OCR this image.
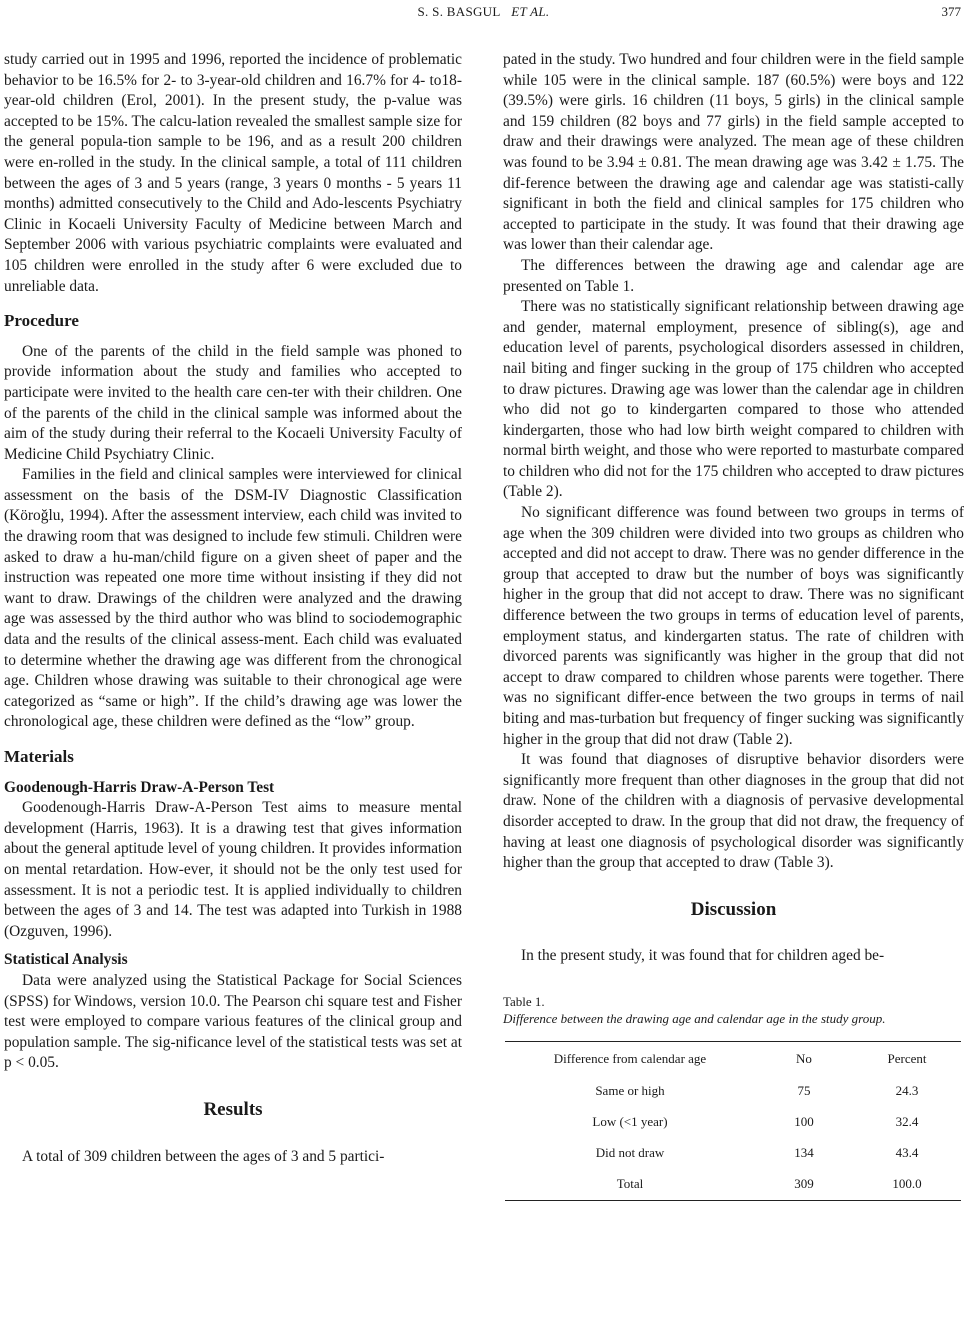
S. S. BASGUL ET AL.	377

study carried out in 1995 and 1996, reported the incidence of problematic behavior to be 16.5% for 2- to 3-year-old children and 16.7% for 4- to18-year-old children (Erol, 2001). In the present study, the p-value was accepted to be 15%. The calcu-lation revealed the smallest sample size for the general popula-tion sample to be 196, and as a result 200 children were en-rolled in the study. In the clinical sample, a total of 111 children between the ages of 3 and 5 years (range, 3 years 0 months - 5 years 11 months) admitted consecutively to the Child and Ado-lescents Psychiatry Clinic in Kocaeli University Faculty of Medicine between March and September 2006 with various psychiatric complaints were evaluated and 105 children were enrolled in the study after 6 were excluded due to unreliable data.

Procedure

One of the parents of the child in the field sample was phoned to provide information about the study and families who accepted to participate were invited to the health care cen-ter with their children. One of the parents of the child in the clinical sample was informed about the aim of the study during their referral to the Kocaeli University Faculty of Medicine Child Psychiatry Clinic.

Families in the field and clinical samples were interviewed for clinical assessment on the basis of the DSM-IV Diagnostic Classification (Köroğlu, 1994). After the assessment interview, each child was invited to the drawing room that was designed to include few stimuli. Children were asked to draw a hu-man/child figure on a given sheet of paper and the instruction was repeated one more time without insisting if they did not want to draw. Drawings of the children were analyzed and the drawing age was assessed by the third author who was blind to sociodemographic data and the results of the clinical assess-ment. Each child was evaluated to determine whether the drawing age was different from the chronogical age. Children whose drawing was suitable to their chronogical age were categorized as “same or high”. If the child’s drawing age was lower the chronological age, these children were defined as the “low” group.

Materials
Goodenough-Harris Draw-A-Person Test

Goodenough-Harris Draw-A-Person Test aims to measure mental development (Harris, 1963). It is a drawing test that gives information about the general aptitude level of young children. It provides information on mental retardation. How-ever, it should not be the only test used for assessment. It is not a periodic test. It is applied individually to children between the ages of 3 and 14. The test was adapted into Turkish in 1988 (Ozguven, 1996).

Statistical Analysis

Data were analyzed using the Statistical Package for Social Sciences (SPSS) for Windows, version 10.0. The Pearson chi square test and Fisher test were employed to compare various features of the clinical group and population sample. The sig-nificance level of the statistical tests was set at p < 0.05.

Results

A total of 309 children between the ages of 3 and 5 partici-

pated in the study. Two hundred and four children were in the field sample while 105 were in the clinical sample. 187 (60.5%) were boys and 122 (39.5%) were girls. 16 children (11 boys, 5 girls) in the clinical sample and 159 children (82 boys and 77 girls) in the field sample accepted to draw and their drawings were analyzed. The mean age of these children was found to be 3.94 ± 0.81. The mean drawing age was 3.42 ± 1.75. The dif-ference between the drawing age and calendar age was statisti-cally significant in both the field and clinical samples for 175 children who accepted to participate in the study. It was found that their drawing age was lower than their calendar age.

The differences between the drawing age and calendar age are presented on Table 1.

There was no statistically significant relationship between drawing age and gender, maternal employment, presence of sibling(s), age and education level of parents, psychological disorders assessed in children, nail biting and finger sucking in the group of 175 children who accepted to draw pictures. Drawing age was lower than the calendar age in children who did not go to kindergarten compared to those who attended kindergarten, those who had low birth weight compared to children with normal birth weight, and those who were reported to masturbate compared to children who did not for the 175 children who accepted to draw pictures (Table 2).

No significant difference was found between two groups in terms of age when the 309 children were divided into two groups as children who accepted and did not accept to draw. There was no gender difference in the group that accepted to draw but the number of boys was significantly higher in the group that did not accept to draw. There was no significant difference between the two groups in terms of education level of parents, employment status, and kindergarten status. The rate of children with divorced parents was significantly was higher in the group that did not accept to draw compared to children whose parents were together. There was no significant differ-ence between the two groups in terms of nail biting and mas-turbation but frequency of finger sucking was significantly higher in the group that did not draw (Table 2).

It was found that diagnoses of disruptive behavior disorders were significantly more frequent than other diagnoses in the group that did not draw. None of the children with a diagnosis of pervasive developmental disorder accepted to draw. In the group that did not draw, the frequency of having at least one diagnosis of psychological disorder was significantly higher than the group that accepted to draw (Table 3).

Discussion

In the present study, it was found that for children aged be-

Table 1.
Difference between the drawing age and calendar age in the study group.
Difference from calendar age	No	Percent
Same or high	75	24.3
Low (<1 year)	100	32.4
Did not draw	134	43.4
Total	309	100.0
